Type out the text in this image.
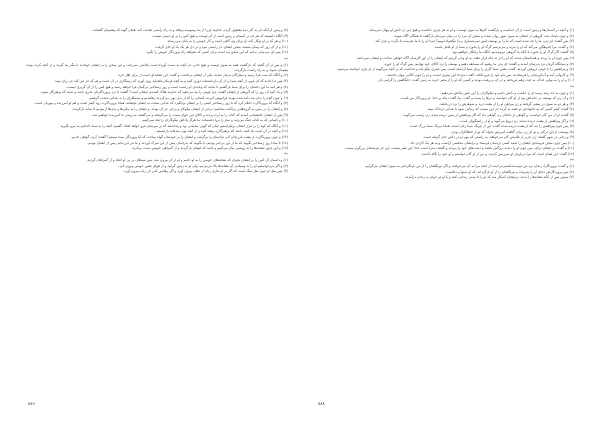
(٨) و پیش از آنکه دل به کار دنیا مشغول گردد، خداوند او را از بند وسوسه برهاند و به راه راستی هدایت کند، همان گونه که پیشینیان گفته‌اند.

(٩) آنگاه دانستند که هر چه در آسمان و زمین است از آن اوست و هیچ کس را بر او دستی نیست.

(١٠) و هر که بر او توکل کند، او برای وی کافی است و کار خویش را به پایان می‌رساند.

(١١) و از آن روز که پیمان بستند، سخن ایشان جز راستی نبود و در دل هر یک یاد او جای گرفت.

(١٢) پس ای مردمان، بدانید که این سخن پند است برای کسی که بخواهد راه پروردگار خویش را بگیرد.

**

(١) و پس از آن گفتند که بازگشت همه به سوی اوست و هیچ جانی جز آنچه به دست آورده است پاداشی نمی‌یابد، و این سخن را بر ایشان خواندند تا مگر پند گیرند و از آنچه کرده بودند پشیمان شوند و به راه راست بازگردند.

(٢) و آنگاه که شب فرا رسید و ستارگان پدیدار شدند، یکی از ایشان برخاست و گفت: این نشانه‌ای است از برای اهل خرد.

(٣) پس ندا دادند که ای قوم، از آنچه شما را از آن بازداشته‌اند دوری کنید و به آنچه فرمان یافته‌اید روی آورید که رستگاری در آن است و هر که جز این کند جز زیان نبیند.

(٤) و هر آینه ما این داستان را برای شما بازگفتیم تا بدانید که وعده‌ی او راست است و روز رستاخیز بی‌گمان فرا خواهد رسید و هیچ کس را از آن گریزی نیست.

(٥) و یاد کنید آن روز را که گروهی از ایشان گفتند: چرا قومی را پند می‌دهید که خداوند هلاک کننده‌ی ایشان است؟ گفتند: تا نزد پروردگارتان عذری باشد و شاید که پرهیزگار شوند.

(٦) و چون آنچه را بدان پند داده شده بودند فراموش کردند، کسانی را که از بدی نهی می‌کردند رهانیدیم و ستمکاران را به عذابی سخت گرفتیم.

(٧) و آنگاه که پروردگارت اعلام کرد که تا روز رستاخیز کسی را بر ایشان برانگیزد که عذابی سخت به ایشان بچشاند، همانا پروردگارت زود کیفر است و هم او آمرزنده و مهربان است.

(٨) و ایشان را در زمین به گروه‌هایی پراکنده ساختیم؛ برخی از ایشان نیکوکار و برخی جز آن بودند، و ایشان را به نیکی‌ها و بدی‌ها آزمودیم تا شاید بازگردند.

(٩) پس از ایشان جانشینانی آمدند که کتاب را به ارث بردند و کالای این جهان پست را می‌گرفتند و می‌گفتند: به زودی ما آمرزیده خواهیم شد.

(١٠) و کسانی که به کتاب چنگ می‌زنند و نماز را برپا داشته‌اند، ما هرگز پاداش نیکوکاران را تباه نمی‌کنیم.

(١١) و آنگاه که کوه را بر فراز ایشان برافراشتیم چنان که گویی سایبانی بود و پنداشتند که بر سرشان فرو خواهد افتاد، گفتیم: آنچه را به شما داده‌ایم به نیرو بگیرید.

(١٢) و آنچه در آن است یاد کنید، باشد که پرهیزگاری پیشه کنید و از آنچه نهی شده‌اید بازایستید.

(١٣) و چون پروردگارت از پشت فرزندان آدم نژادشان را برگرفت و ایشان را بر خودشان گواه ساخت که آیا پروردگار شما نیستم؟ گفتند: آری، گواهی دادیم.

(١٤) تا مبادا روز رستاخیز بگویید که ما از این بی‌خبر بودیم، یا بگویید که پدرانمان پیش از این شرک آوردند و ما نیز فرزندانی پس از ایشان بودیم.

(١٥) و این چنین نشانه‌ها را به روشنی بیان می‌کنیم و باشد که ایشان بازگردند و از گمراهی خویش دست بردارند.

**

(١) و داستان آن کس را بر ایشان بخوان که نشانه‌های خویش را به او دادیم و او از آن بیرون شد، پس شیطان در پی او افتاد و از گمراهان گردید.

(٢) و اگر می‌خواستیم او را به وسیله‌ی آن نشانه‌ها بالا می‌بردیم، ولی او به زمین گرایید و از هوای نفس خویش پیروی کرد.

(٣) پس مثل او چون مثل سگ است که اگر بر او بتازی زبان از دهان بیرون آورد و اگر رهایش کنی باز زبان بیرون آورد.

(١) و آنچه در آسمان‌ها و زمین است از آن خداست و بازگشت کارها به سوی اوست، و او به هر چیزی داناست و هیچ چیز از دانش او پنهان نمی‌ماند.

(٢) و چون بامداد شد، گروهی از ایشان به سوی شهر روان شدند و سخن آن مرد را در میان مردمان بازگفتند تا همگان آگاه شوند.

(٣) پس گفتند: ای پدر، ما را چه شده است که ما را بر یوسف امین نمی‌شماری و ما نیکخواه اوییم؟ فردا او را با ما بفرست تا بگردد و بازی کند.

(٤) و گفت: مرا اندوهگین می‌کند که او را ببرید و می‌ترسم گرگ او را بخورد و شما از او غافل باشید.

(٥) گفتند: اگر گرگ او را بخورد با آنکه ما گروهی نیرومندیم، آنگاه ما زیانکار خواهیم بود.

(٦) پس چون او را بردند و همداستان شدند که او را در ته چاه قرار دهند، به او وحی کردیم که ایشان را از این کارشان آگاه خواهی ساخت و ایشان نمی‌دانند.

(٧) و شبانگاه گریان نزد پدرشان آمدند و گفتند: ای پدر، ما رفتیم که مسابقه دهیم و یوسف را نزد کالای خود نهادیم، پس گرگ او را خورد.

(٨) و پیراهنش را با خونی دروغین آوردند، گفت: نفس شما کاری را برای شما آراسته است، پس صبری نیکو باید و خداست که بر آنچه می‌گویید از او یاری خواسته می‌شود.

(٩) و کاروانی آمد و آب‌آورشان را فرستادند، پس دلو خود را فرو افکند، گفت: مژده! این پسری است، و او را چون کالایی پنهان داشتند.

(١٠) و او را به بهایی اندک، به چند درهم فروختند و در آن بی‌رغبت بودند و کسی که او را از مصر خرید به زنش گفت: جایگاهش را گرامی دار.

**

(١) و چون به حد رشد رسید او را حکمت و دانش دادیم و نیکوکاران را این چنین پاداش می‌دهیم.

(٢) و آن زن که یوسف در خانه‌اش بود از او کام خواست و درها را بست و گفت: بیا، گفت: پناه بر خدا، او پروردگار من است.

(٣) و هر دو به سوی در پیشی گرفتند و زن پیراهن او را از پشت درید و شوهرش را نزد در یافتند.

(٤) گفت: کیفر کسی که به خانواده‌ی تو قصد بد کرده جز این نیست که زندانی شود یا عذابی دردناک ببیند.

(٥) گفت: او از من کام خواست، و گواهی از خاندان زن گواهی داد که اگر پیراهنش از پیش دریده شده، زن راست می‌گوید.

(٦) و اگر پیراهنش از پشت دریده شده، زن دروغ می‌گوید و او از راستگویان است.

(٧) پس چون پیراهنش را دید که از پشت دریده شده گفت: این از نیرنگ شما زنان است، همانا نیرنگ شما بزرگ است.

(٨) یوسف، از این درگذر و تو ای زن برای گناهت آمرزش بخواه که تو از خطاکاران بودی.

(٩) و زنانی در شهر گفتند: زن عزیز از غلامش کام می‌خواهد، به راستی که مهر او در دلش جای گرفته است.

(١٠) پس چون سخن فریبنده‌ی ایشان را شنید کسی نزدشان فرستاد و برایشان مجلسی آراست و به هر یک کاردی داد.

(١١) و گفت: بر ایشان درآی، پس چون او را دیدند بزرگش یافتند و دست‌های خود را بریدند و گفتند: منزه است خدا، این بشر نیست، این جز فرشته‌ای بزرگوار نیست.

(١٢) گفت: این همان است که مرا درباره‌ی او سرزنش کردید، و من از او کام خواستم و او خود را نگاه داشت.

**

(١) و گفت: پروردگارا، زندان نزد من دوست‌داشتنی‌تر است از آنچه مرا به آن می‌خوانند، و اگر نیرنگشان را از من بازنگردانی به سوی ایشان می‌گرایم.

(٢) پس پروردگارش دعای او را پذیرفت و نیرنگشان را از او بازگرداند، که او شنوا و داناست.

(٣) سپس پس از آنکه نشانه‌ها را دیدند، برایشان آشکار شد که او را تا مدتی زندانی کنند و با او دو جوان به زندان درآمدند.

٥٨٩	٥٨٨
